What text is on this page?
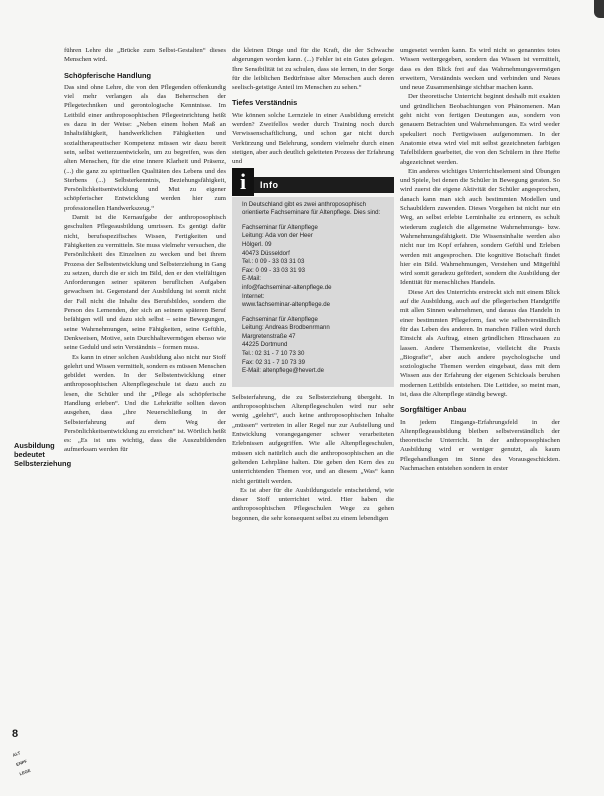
führen Lehre die „Brücke zum Selbst-Gestalten“ dieses Menschen wird.

Schöpferische Handlung

Das sind ohne Lehre, die von den Pflegenden offenkundig viel mehr verlangen als das Beherrschen der Pflegetechniken und gerontologische Kenntnisse. Im Leitbild einer anthroposophischen Pflegeeinrichtung heißt es dazu in der Weise: „Neben einem hohen Maß an Inhaltsfähigkeit, handwerklichen Fähigkeiten und sozialtherapeutischer Kompetenz müssen wir dazu bereit sein, selbst weiterzuentwickeln, um zu begreifen, was den alten Menschen, für die eine innere Klarheit und Präsenz, (...) die ganz zu spirituellen Qualitäten des Lebens und des Sterbens (...) Selbsterkenntnis, Beziehungsfähigkeit, Persönlichkeitsentwicklung und Mut zu eigener schöpferischer Entwicklung werden hier zum professionellen Handwerkszeug.“

Damit ist die Kernaufgabe der anthroposophisch geschulten Pflegeausbildung umrissen. Es genügt dafür nicht, berufsspezifisches Wissen, Fertigkeiten und Fähigkeiten zu vermitteln. Sie muss vielmehr versuchen, die Persönlichkeit des Einzelnen zu wecken und bei ihrem Prozess der Selbstentwicklung und Selbsterziehung in Gang zu setzen, durch die er sich im Bild, den er den vielfältigen Anforderungen seiner späteren beruflichen Aufgaben gewachsen ist. Gegenstand der Ausbildung ist somit nicht der Fall nicht die Inhalte des Berufsbildes, sondern die Person des Lernenden, der sich an seinem späteren Beruf befähigen will und dazu sich selbst – seine Bewegungen, seine Wahrnehmungen, seine Fähigkeiten, seine Gefühle, Denkweisen, Motive, sein Durchhaltevermögen ebenso wie seine Geduld und sein Verständnis – formen muss.

Es kann in einer solchen Ausbildung also nicht nur Stoff gelehrt und Wissen vermittelt, sondern es müssen Menschen gebildet werden. In der Selbstentwicklung einer anthroposophischen Altenpflegeschule ist dazu auch zu lesen, die Schüler und ihr „Pflege als schöpferische Handlung erleben“. Und die Lehrkräfte sollten davon ausgehen, dass „ihre Neuerschließung in der Selbsterfahrung auf dem Weg der Persönlichkeitsentwicklung zu erreichen“ ist. Wörtlich heißt es: „Es ist uns wichtig, dass die Auszubildenden aufmerksam werden für

Ausbildung bedeutet Selbsterziehung

die kleinen Dinge und für die Kraft, die der Schwache abgerungen worden kann. (...) Fehler ist ein Gutes gelegen. Ihre Sensibilität ist zu schulen, dass sie lernen, in der Sorge für die leiblichen Bedürfnisse alter Menschen auch deren seelisch-geistige Anteil im Menschen zu sehen.“

Tiefes Verständnis

Wie können solche Lernziele in einer Ausbildung erreicht werden? Zweifellos weder durch Training noch durch Verwissenschaftlichung, und schon gar nicht durch Verkürzung und Belehrung, sondern vielmehr durch einen stetigen, aber auch deutlich geleiteten Prozess der Erfahrung und

i	Info
In Deutschland gibt es zwei anthroposophisch orientierte Fachseminare für Altenpflege. Dies sind:
Fachseminar für Altenpflege
Leitung: Ada von der Heer
Hölgerl. 09
40473 Düsseldorf
Tel.: 0 09 - 33 03 31 03
Fax: 0 09 - 33 03 31 93
E-Mail:
info@fachseminar-altenpflege.de
Internet:
www.fachseminar-altenpflege.de
Fachseminar für Altenpflege
Leitung: Andreas Brodbenrmann
Margretenstraße 47
44225 Dortmund
Tel.: 02 31 - 7 10 73 30
Fax: 02 31 - 7 10 73 39
E-Mail: altenpflege@hevert.de

Selbsterfahrung, die zu Selbsterziehung übergeht. In anthroposophischen Altenpflegeschulen wird nur sehr wenig „gelehrt“, auch keine anthroposophischen Inhalte „müssen“ vertreten in aller Regel nur zur Aufstellung und Entwicklung vorangegangener schwer verarbeiteten Erlebnissen aufgegriffen. Wie alle Altenpflegeschulen, müssen sich natürlich auch die anthroposophischen an die geltenden Lehrpläne halten. Die geben den Kern des zu unterrichtenden Themen vor, und an diesem „Was“ kann nicht gerüttelt werden.

Es ist aber für die Ausbildungsziele entscheidend, wie dieser Stoff unterrichtet wird. Hier haben die anthroposophischen Pflegeschulen Wege zu gehen begonnen, die sehr konsequent selbst zu einem lebendigen

umgesetzt werden kann. Es wird nicht so genanntes totes Wissen weitergegeben, sondern das Wissen ist vermittelt, dass es den Blick frei auf das Wahrnehmungsvermögen erweitern, Verständnis wecken und verbinden und Neues und neue Zusammenhänge sichtbar machen kann.

Der theoretische Unterricht beginnt deshalb mit exakten und gründlichen Beobachtungen von Phänomenen. Man geht nicht von fertigen Deutungen aus, sondern von genauem Betrachten und Wahrnehmungen. Es wird weder spekuliert noch Fertigwissen aufgenommen. In der Anatomie etwa wird viel mit selbst gezeichneten farbigen Tafelbildern gearbeitet, die von den Schülern in ihre Hefte abgezeichnet werden.

Ein anderes wichtiges Unterrichtselement sind Übungen und Spiele, bei denen die Schüler in Bewegung geraten. So wird zuerst die eigene Aktivität der Schüler angesprochen, danach kann man sich auch bestimmten Modellen und Schaubildern zuwenden. Dieses Vorgehen ist nicht nur ein Weg, an selbst erlebte Lerninhalte zu erinnern, es schult wiederum zugleich die allgemeine Wahrnehmungs- bzw. Wahrnehmungsfähigkeit. Die Wissensinhalte werden also nicht nur im Kopf erfahren, sondern Gefühl und Erleben werden mit angesprochen. Die kognitive Botschaft findet hier ein Bild. Wahrnehmungen, Verstehen und Mitgefühl wird somit geradezu gefördert, sondern die Ausbildung der Identität für menschliches Handeln.

Diese Art des Unterrichts erstreckt sich mit einem Blick auf die Ausbildung, auch auf die pflegerischen Handgriffe mit allen Sinnen wahrnehmen, und daraus das Handeln in einer bestimmten Pflegeform, fast wie selbstverständlich für das Leben des anderen. In manchen Fällen wird durch Einsicht als Auftrag, einen gründlichen Hinschauen zu lassen. Andere Themenkreise, vielleicht die Praxis „Biografie“, aber auch andere psychologische und soziologische Themen werden eingebaut, dass mit dem Wissen aus der Erfahrung der eigenen Schicksals beruhen modernen Leitbilds entstehen. Die Leitidee, so meint man, ist, dass die Altenpflege ständig bewegt.

Sorgfältiger Anbau

In jedem Eingangs-Erfahrungsfeld in der Altenpflegeausbildung bleiben selbstverständlich der theoretische Unterricht. In der anthroposophischen Ausbildung wird er weniger genutzt, als kaum Pflegehandlungen im Sinne des Vorausgeschickten. Nachmachen entstehen sondern in erster

8
ALT
ENPF
LEGE
